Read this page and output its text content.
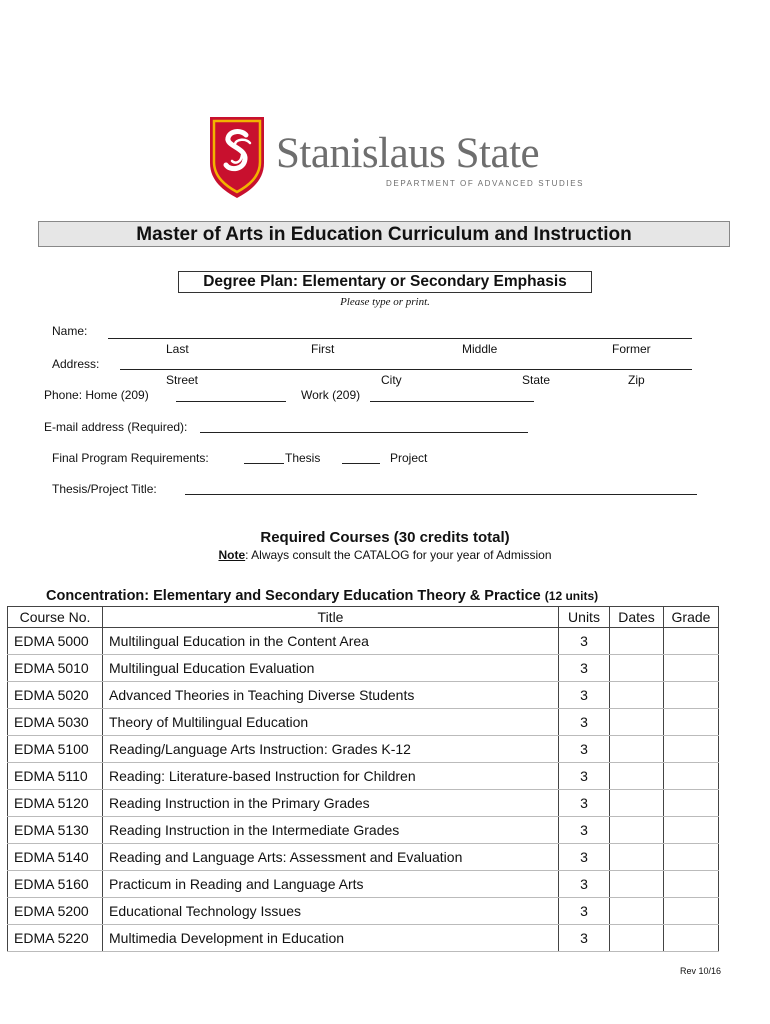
Stanislaus State
DEPARTMENT OF ADVANCED STUDIES
Master of Arts in Education Curriculum and Instruction
Degree Plan: Elementary or Secondary Emphasis
Please type or print.
Name:
Last	First	Middle	Former
Address:
Street	City	State	Zip
Phone: Home (209)	Work (209)
E-mail address (Required):
Final Program Requirements:	Thesis	Project
Thesis/Project Title:
Required Courses (30 credits total)
Note: Always consult the CATALOG for your year of Admission
Concentration: Elementary and Secondary Education Theory & Practice (12 units)
Course No.	Title	Units	Dates	Grade
EDMA 5000	Multilingual Education in the Content Area	3		
EDMA 5010	Multilingual Education Evaluation	3		
EDMA 5020	Advanced Theories in Teaching Diverse Students	3		
EDMA 5030	Theory of Multilingual Education	3		
EDMA 5100	Reading/Language Arts Instruction: Grades K-12	3		
EDMA 5110	Reading: Literature-based Instruction for Children	3		
EDMA 5120	Reading Instruction in the Primary Grades	3		
EDMA 5130	Reading Instruction in the Intermediate Grades	3		
EDMA 5140	Reading and Language Arts: Assessment and Evaluation	3		
EDMA 5160	Practicum in Reading and Language Arts	3		
EDMA 5200	Educational Technology Issues	3		
EDMA 5220	Multimedia Development in Education	3		
Rev 10/16
